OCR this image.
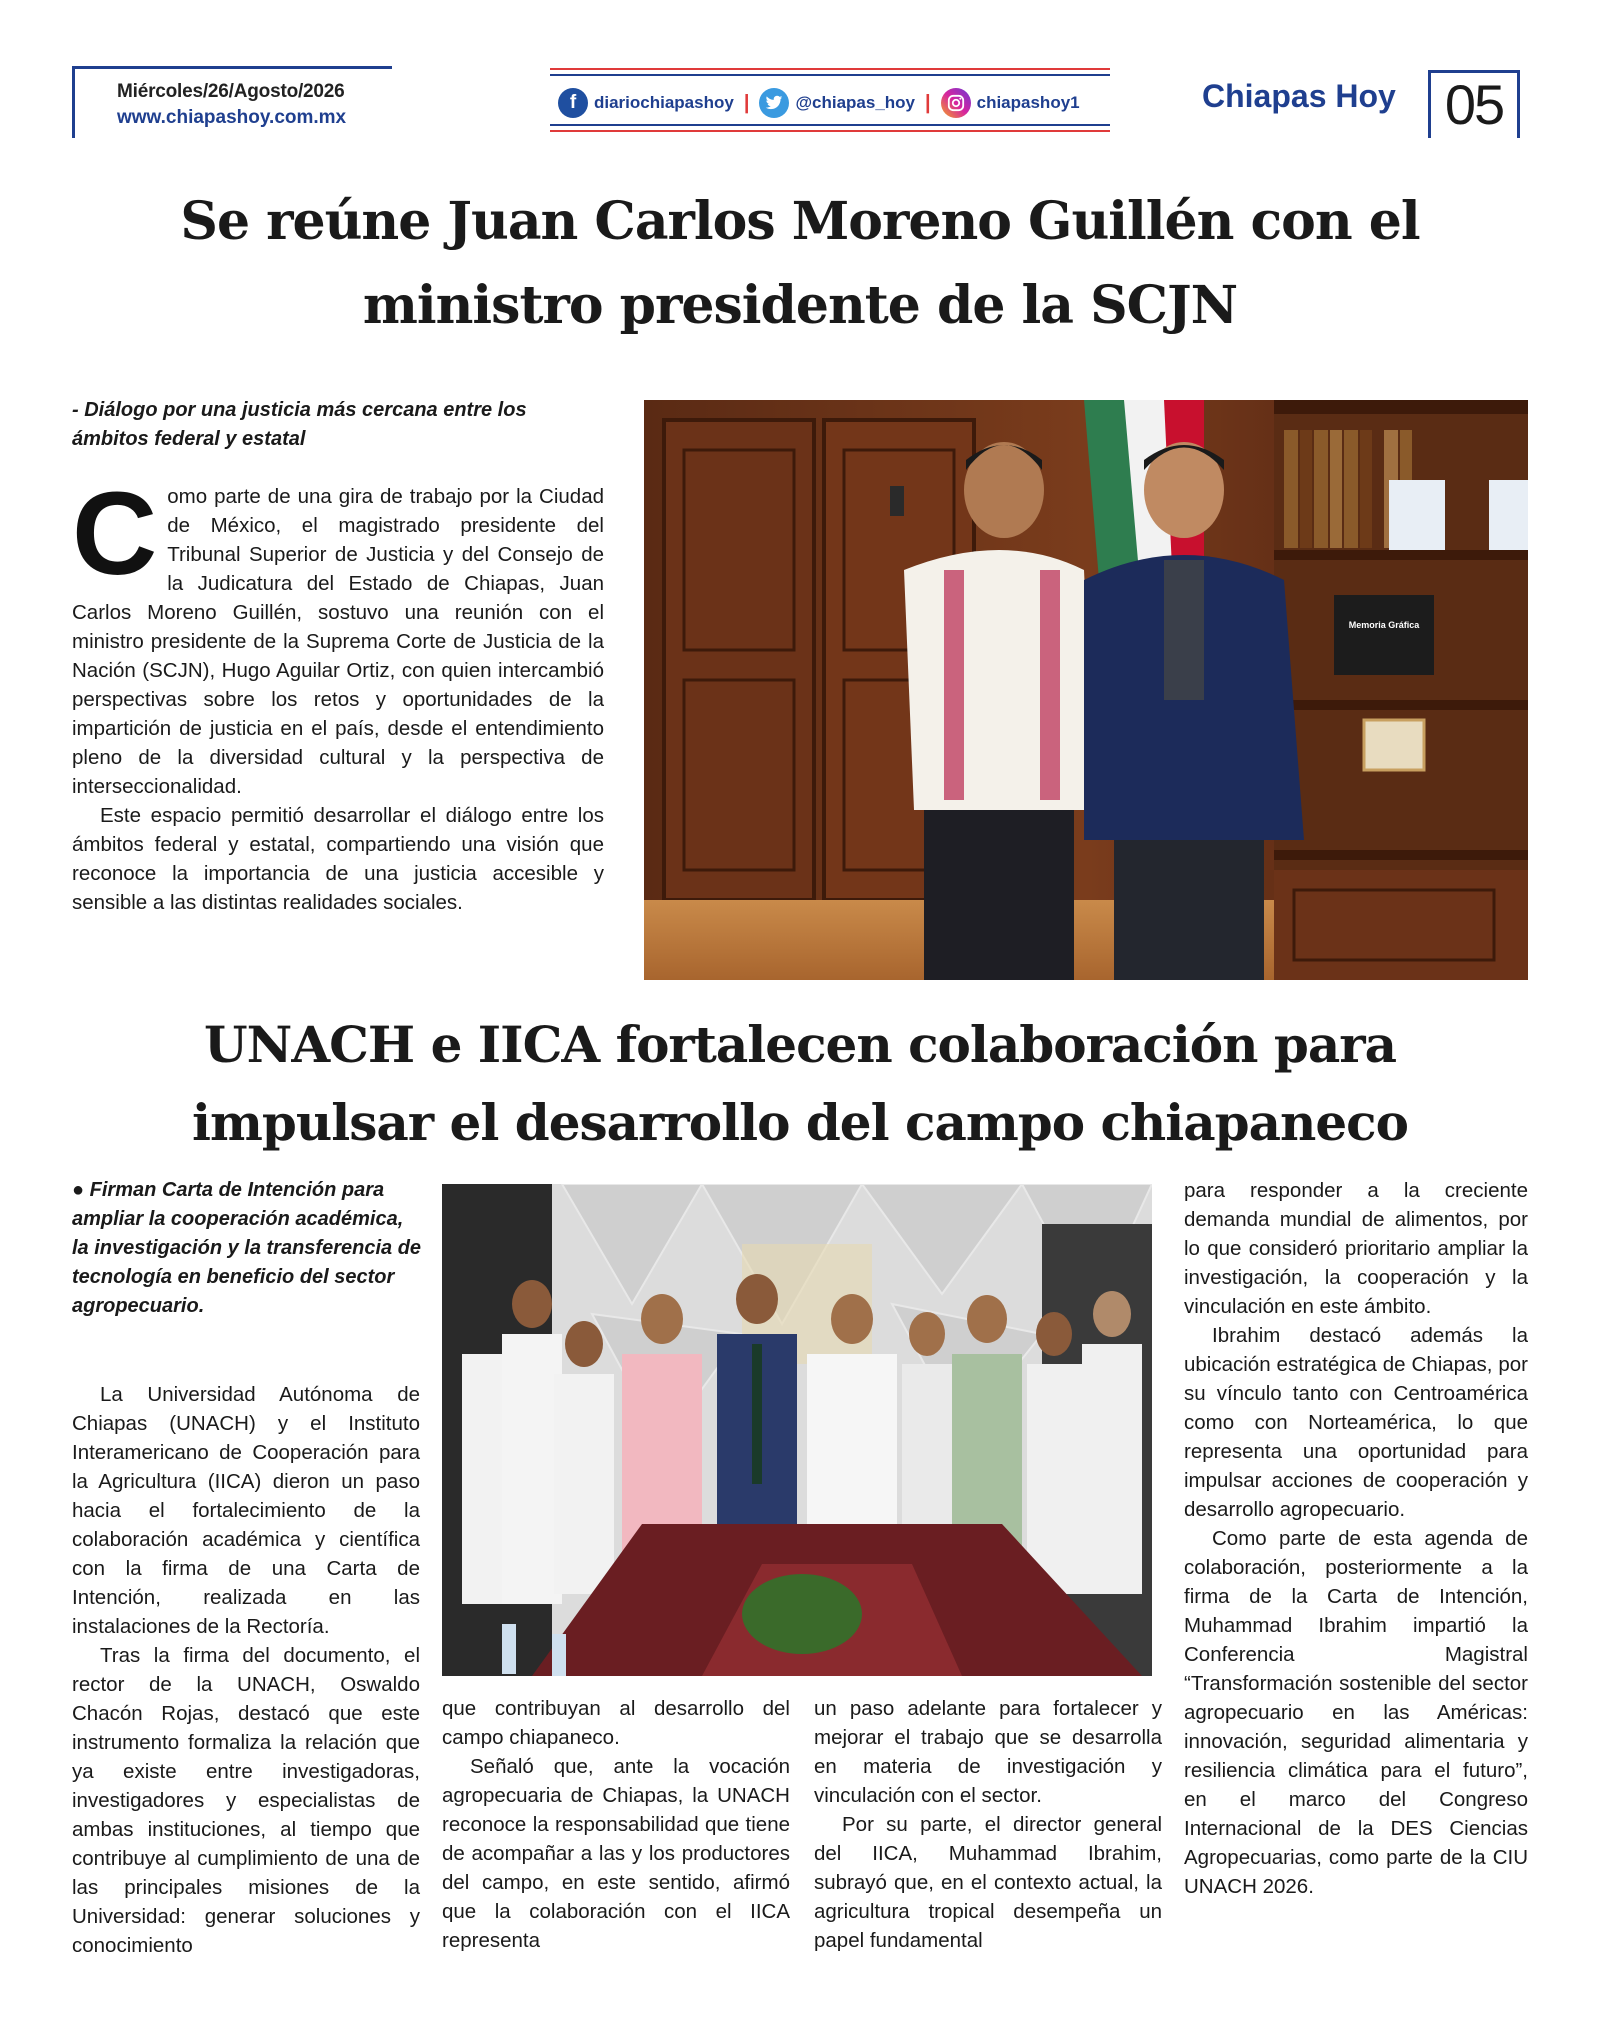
Miércoles/26/Agosto/2026
www.chiapashoy.com.mx
f	diariochiapashoy |	@chiapas_hoy |	chiapashoy1	Chiapas Hoy 05
Se reúne Juan Carlos Moreno Guillén con el
ministro presidente de la SCJN
- Diálogo por una justicia más cercana entre los ámbitos federal y estatal
C omo parte de una gira de trabajo por la Ciudad de México, el magistrado presidente del Tribunal Superior de Justicia y del Consejo de la Judicatura del Estado de Chiapas, Juan Carlos Moreno Guillén, sostuvo una reunión con el ministro presidente de la Suprema Corte de Justicia de la Nación (SCJN), Hugo Aguilar Ortiz, con quien intercambió perspectivas sobre los retos y oportunidades de la impartición de justicia en el país, desde el entendimiento pleno de la diversidad cultural y la perspectiva de interseccionalidad.

Este espacio permitió desarrollar el diálogo entre los ámbitos federal y estatal, compartiendo una visión que reconoce la importancia de una justicia accesible y sensible a las distintas realidades sociales.

Memoria Gráfica
UNACH e IICA fortalecen colaboración para
impulsar el desarrollo del campo chiapaneco
● Firman Carta de Intención para ampliar la cooperación académica, la investigación y la transferencia de tecnología en beneficio del sector agropecuario.

La Universidad Autónoma de Chiapas (UNACH) y el Instituto Interamericano de Cooperación para la Agricultura (IICA) dieron un paso hacia el fortalecimiento de la colaboración académica y científica con la firma de una Carta de Intención, realizada en las instalaciones de la Rectoría.

Tras la firma del documento, el rector de la UNACH, Oswaldo Chacón Rojas, destacó que este instrumento formaliza la relación que ya existe entre investigadoras, investigadores y especialistas de ambas instituciones, al tiempo que contribuye al cumplimiento de una de las principales misiones de la Universidad: generar soluciones y conocimiento

que contribuyan al desarrollo del campo chiapaneco.

Señaló que, ante la vocación agropecuaria de Chiapas, la UNACH reconoce la responsabilidad que tiene de acompañar a las y los productores del campo, en este sentido, afirmó que la colaboración con el IICA representa

un paso adelante para fortalecer y mejorar el trabajo que se desarrolla en materia de investigación y vinculación con el sector.

Por su parte, el director general del IICA, Muhammad Ibrahim, subrayó que, en el contexto actual, la agricultura tropical desempeña un papel fundamental

para responder a la creciente demanda mundial de alimentos, por lo que consideró prioritario ampliar la investigación, la cooperación y la vinculación en este ámbito.

Ibrahim destacó además la ubicación estratégica de Chiapas, por su vínculo tanto con Centroamérica como con Norteamérica, lo que representa una oportunidad para impulsar acciones de cooperación y desarrollo agropecuario.

Como parte de esta agenda de colaboración, posteriormente a la firma de la Carta de Intención, Muhammad Ibrahim impartió la Conferencia Magistral “Transformación sostenible del sector agropecuario en las Américas: innovación, seguridad alimentaria y resiliencia climática para el futuro”, en el marco del Congreso Internacional de la DES Ciencias Agropecuarias, como parte de la CIU UNACH 2026.
